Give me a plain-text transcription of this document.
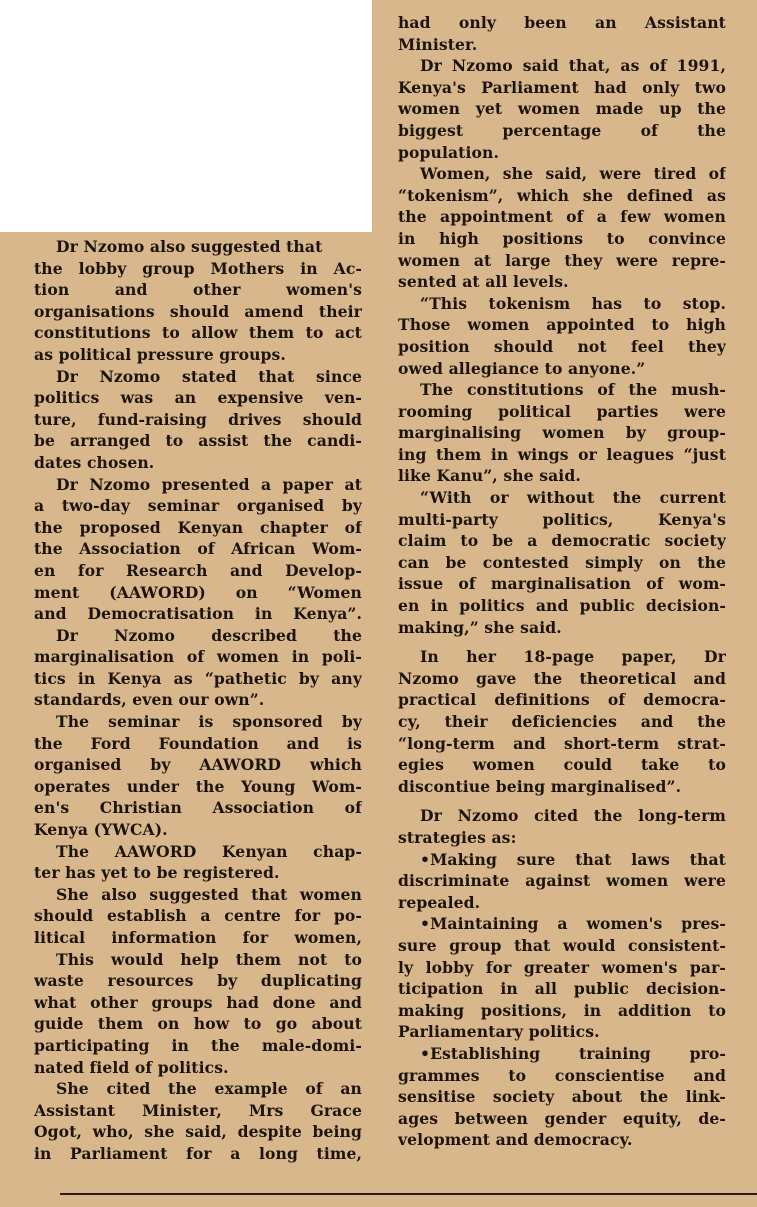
Dr Nzomo also suggested that
the lobby group Mothers in Ac-
tion and other women's
organisations should amend their
constitutions to allow them to act
as political pressure groups.
Dr Nzomo stated that since
politics was an expensive ven-
ture, fund-raising drives should
be arranged to assist the candi-
dates chosen.
Dr Nzomo presented a paper at
a two-day seminar organised by
the proposed Kenyan chapter of
the Association of African Wom-
en for Research and Develop-
ment (AAWORD) on “Women
and Democratisation in Kenya”.
Dr Nzomo described the
marginalisation of women in poli-
tics in Kenya as “pathetic by any
standards, even our own”.
The seminar is sponsored by
the Ford Foundation and is
organised by AAWORD which
operates under the Young Wom-
en's Christian Association of
Kenya (YWCA).
The AAWORD Kenyan chap-
ter has yet to be registered.
She also suggested that women
should establish a centre for po-
litical information for women,
This would help them not to
waste resources by duplicating
what other groups had done and
guide them on how to go about
participating in the male-domi-
nated field of politics.
She cited the example of an
Assistant Minister, Mrs Grace
Ogot, who, she said, despite being
in Parliament for a long time,
had only been an Assistant
Minister.
Dr Nzomo said that, as of 1991,
Kenya's Parliament had only two
women yet women made up the
biggest percentage of the
population.
Women, she said, were tired of
“tokenism”, which she defined as
the appointment of a few women
in high positions to convince
women at large they were repre-
sented at all levels.
“This tokenism has to stop.
Those women appointed to high
position should not feel they
owed allegiance to anyone.”
The constitutions of the mush-
rooming political parties were
marginalising women by group-
ing them in wings or leagues “just
like Kanu”, she said.
“With or without the current
multi-party politics, Kenya's
claim to be a democratic society
can be contested simply on the
issue of marginalisation of wom-
en in politics and public decision-
making,” she said.
In her 18-page paper, Dr
Nzomo gave the theoretical and
practical definitions of democra-
cy, their deficiencies and the
“long-term and short-term strat-
egies women could take to
discontiue being marginalised”.
Dr Nzomo cited the long-term
strategies as:
•Making sure that laws that
discriminate against women were
repealed.
•Maintaining a women's pres-
sure group that would consistent-
ly lobby for greater women's par-
ticipation in all public decision-
making positions, in addition to
Parliamentary politics.
•Establishing training pro-
grammes to conscientise and
sensitise society about the link-
ages between gender equity, de-
velopment and democracy.
